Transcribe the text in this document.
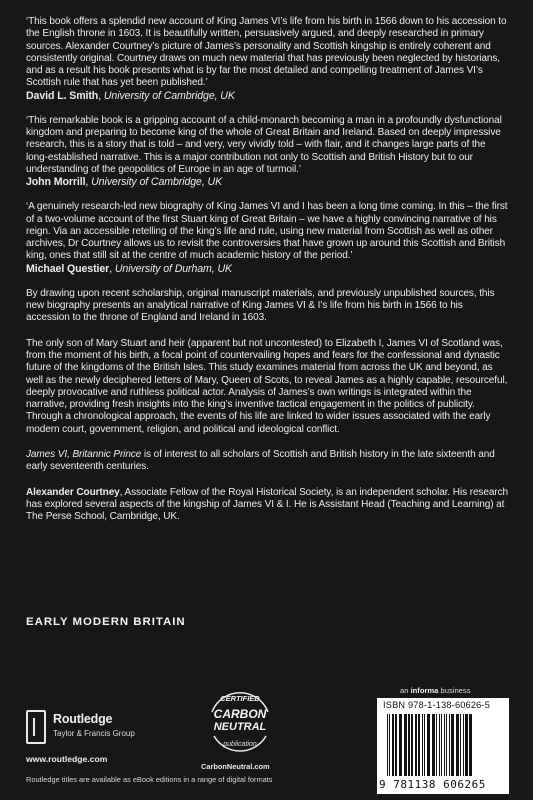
‘This book offers a splendid new account of King James VI’s life from his birth in 1566 down to his accession to the English throne in 1603. It is beautifully written, persuasively argued, and deeply researched in primary sources. Alexander Courtney’s picture of James’s personality and Scottish kingship is entirely coherent and consistently original. Courtney draws on much new material that has previously been neglected by historians, and as a result his book presents what is by far the most detailed and compelling treatment of James VI’s Scottish rule that has yet been published.’

David L. Smith, University of Cambridge, UK

‘This remarkable book is a gripping account of a child-monarch becoming a man in a profoundly dysfunctional kingdom and preparing to become king of the whole of Great Britain and Ireland. Based on deeply impressive research, this is a story that is told – and very, very vividly told – with flair, and it changes large parts of the long-established narrative. This is a major contribution not only to Scottish and British History but to our understanding of the geopolitics of Europe in an age of turmoil.’

John Morrill, University of Cambridge, UK

‘A genuinely research-led new biography of King James VI and I has been a long time coming. In this – the first of a two-volume account of the first Stuart king of Great Britain – we have a highly convincing narrative of his reign. Via an accessible retelling of the king’s life and rule, using new material from Scottish as well as other archives, Dr Courtney allows us to revisit the controversies that have grown up around this Scottish and British king, ones that still sit at the centre of much academic history of the period.’

Michael Questier, University of Durham, UK

By drawing upon recent scholarship, original manuscript materials, and previously unpublished sources, this new biography presents an analytical narrative of King James VI & I’s life from his birth in 1566 to his accession to the throne of England and Ireland in 1603.

The only son of Mary Stuart and heir (apparent but not uncontested) to Elizabeth I, James VI of Scotland was, from the moment of his birth, a focal point of countervailing hopes and fears for the confessional and dynastic future of the kingdoms of the British Isles. This study examines material from across the UK and beyond, as well as the newly deciphered letters of Mary, Queen of Scots, to reveal James as a highly capable, resourceful, deeply provocative and ruthless political actor. Analysis of James’s own writings is integrated within the narrative, providing fresh insights into the king’s inventive tactical engagement in the politics of publicity. Through a chronological approach, the events of his life are linked to wider issues associated with the early modern court, government, religion, and political and ideological conflict.

James VI, Britannic Prince is of interest to all scholars of Scottish and British history in the late sixteenth and early seventeenth centuries.

Alexander Courtney, Associate Fellow of the Royal Historical Society, is an independent scholar. His research has explored several aspects of the kingship of James VI & I. He is Assistant Head (Teaching and Learning) at The Perse School, Cambridge, UK.

EARLY MODERN BRITAIN
Routledge
Taylor & Francis Group
www.routledge.com
Routledge titles are available as eBook editions in a range of digital formats
CERTIFIED
CARBON
NEUTRAL
publication
CarbonNeutral.com
an informa business
ISBN 978-1-138-60626-5
9 781138 606265
